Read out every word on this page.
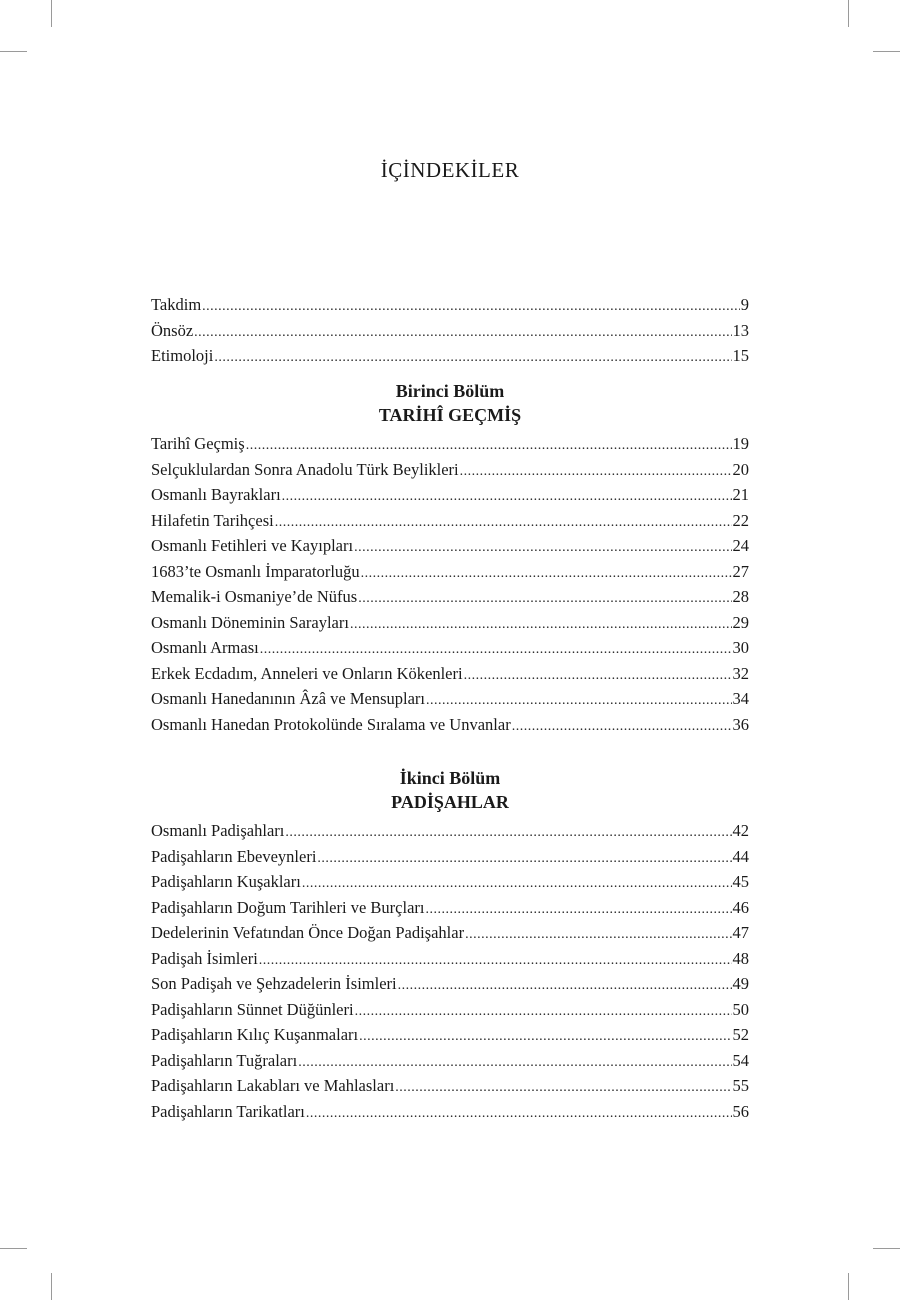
İÇİNDEKİLER
Takdim .....	9
Önsöz .....	13
Etimoloji .....	15
Birinci Bölüm
TARİHÎ GEÇMİŞ
Tarihî Geçmiş .....	19
Selçuklulardan Sonra Anadolu Türk Beylikleri .....	20
Osmanlı Bayrakları .....	21
Hilafetin Tarihçesi .....	22
Osmanlı Fetihleri ve Kayıpları .....	24
1683’te Osmanlı İmparatorluğu .....	27
Memalik-i Osmaniye’de Nüfus .....	28
Osmanlı Döneminin Sarayları .....	29
Osmanlı Arması .....	30
Erkek Ecdadım, Anneleri ve Onların Kökenleri .....	32
Osmanlı Hanedanının Âzâ ve Mensupları .....	34
Osmanlı Hanedan Protokolünde Sıralama ve Unvanlar .....	36
İkinci Bölüm
PADİŞAHLAR
Osmanlı Padişahları .....	42
Padişahların Ebeveynleri .....	44
Padişahların Kuşakları .....	45
Padişahların Doğum Tarihleri ve Burçları .....	46
Dedelerinin Vefatından Önce Doğan Padişahlar .....	47
Padişah İsimleri .....	48
Son Padişah ve Şehzadelerin İsimleri .....	49
Padişahların Sünnet Düğünleri .....	50
Padişahların Kılıç Kuşanmaları .....	52
Padişahların Tuğraları .....	54
Padişahların Lakabları ve Mahlasları .....	55
Padişahların Tarikatları .....	56
